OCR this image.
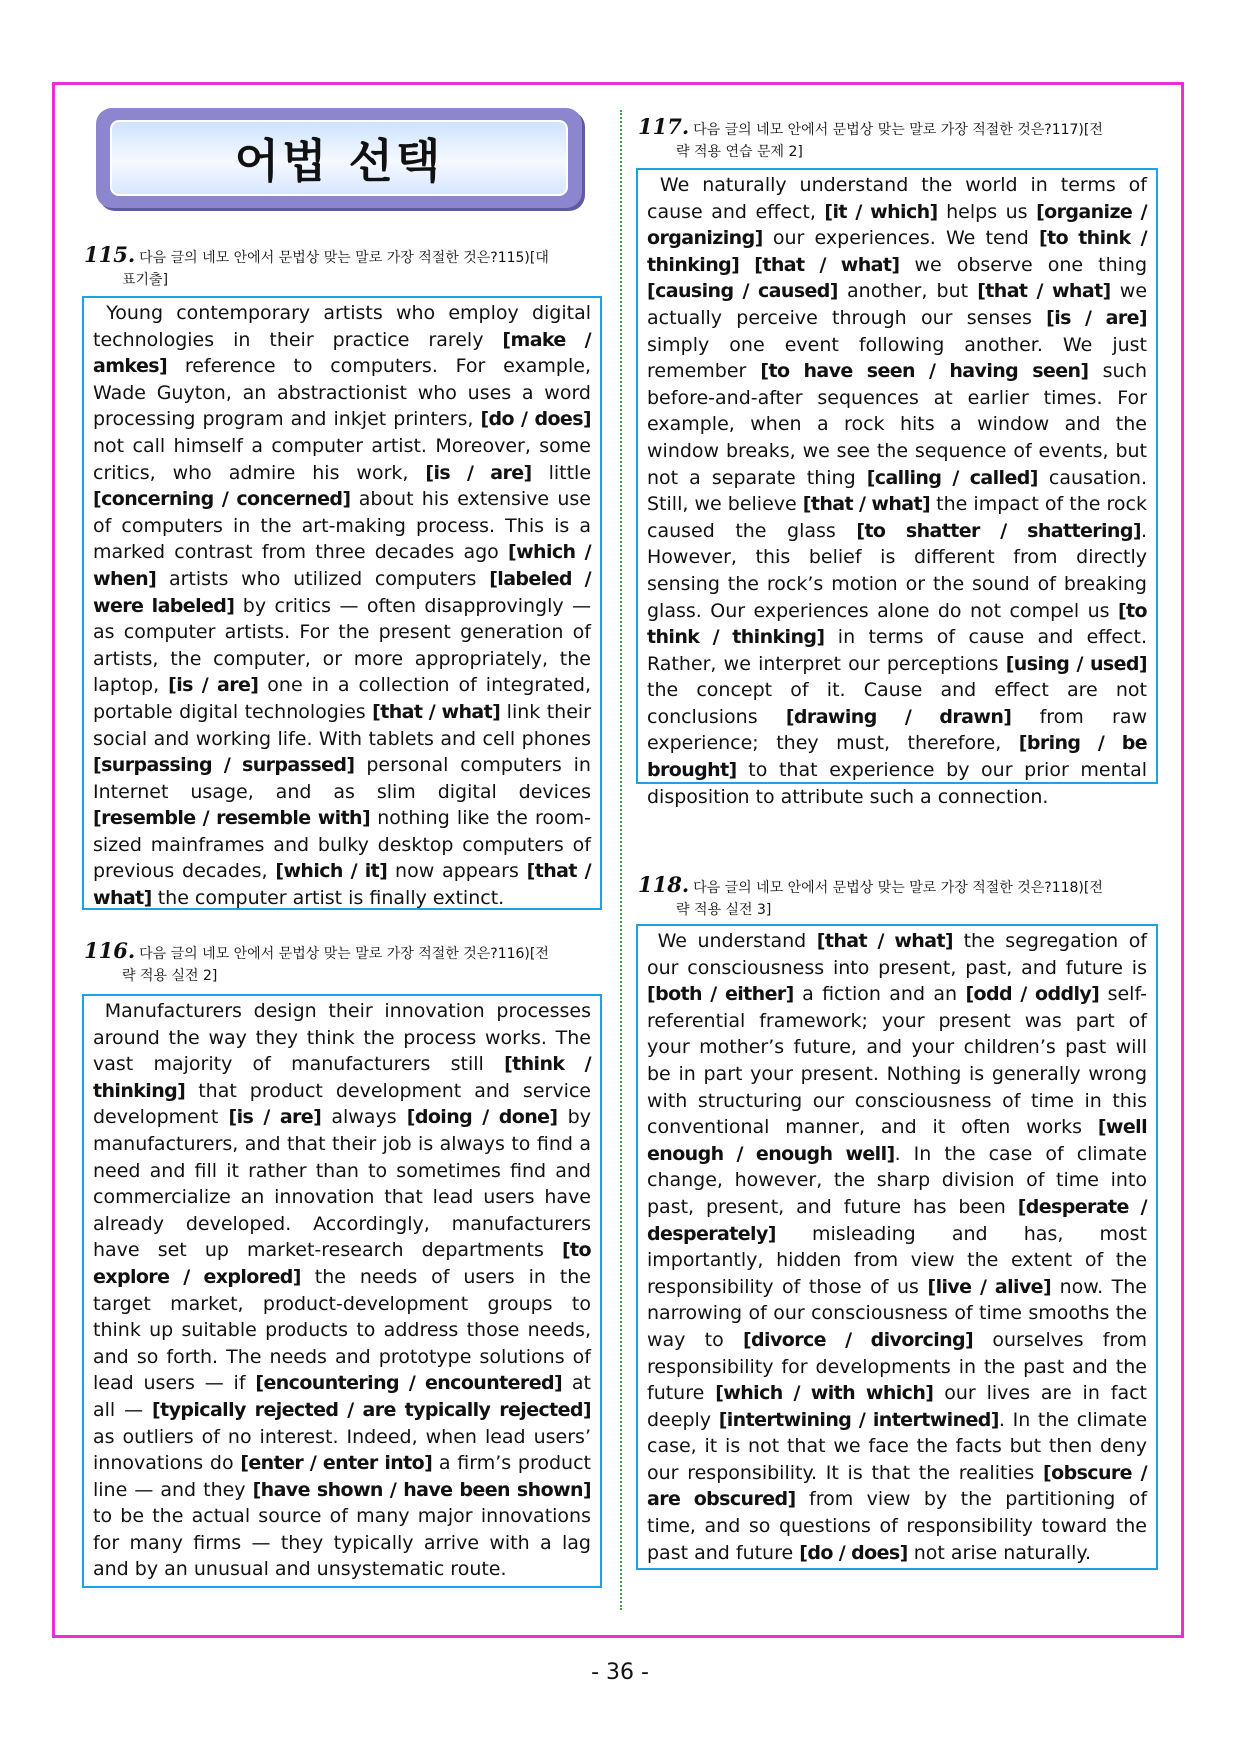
어법 선택
115. 다음 글의 네모 안에서 문법상 맞는 말로 가장 적절한 것은?115)[대
표기출]
Young contemporary artists who employ digital technologies in their practice rarely [make / amkes] reference to computers. For example, Wade Guyton, an abstractionist who uses a word processing program and inkjet printers, [do / does] not call himself a computer artist. Moreover, some critics, who admire his work, [is / are] little [concerning / concerned] about his extensive use of computers in the art-making process. This is a marked contrast from three decades ago [which / when] artists who utilized computers [labeled / were labeled] by critics — often disapprovingly — as computer artists. For the present generation of artists, the computer, or more appropriately, the laptop, [is / are] one in a collection of integrated, portable digital technologies [that / what] link their social and working life. With tablets and cell phones [surpassing / surpassed] personal computers in Internet usage, and as slim digital devices [resemble / resemble with] nothing like the room-sized mainframes and bulky desktop computers of previous decades, [which / it] now appears [that / what] the computer artist is finally extinct.
116. 다음 글의 네모 안에서 문법상 맞는 말로 가장 적절한 것은?116)[전
략 적용 실전 2]
Manufacturers design their innovation processes around the way they think the process works. The vast majority of manufacturers still [think / thinking] that product development and service development [is / are] always [doing / done] by manufacturers, and that their job is always to find a need and fill it rather than to sometimes find and commercialize an innovation that lead users have already developed. Accordingly, manufacturers have set up market-research departments [to explore / explored] the needs of users in the target market, product-development groups to think up suitable products to address those needs, and so forth. The needs and prototype solutions of lead users — if [encountering / encountered] at all — [typically rejected / are typically rejected] as outliers of no interest. Indeed, when lead users’ innovations do [enter / enter into] a firm’s product line — and they [have shown / have been shown] to be the actual source of many major innovations for many firms — they typically arrive with a lag and by an unusual and unsystematic route.
117. 다음 글의 네모 안에서 문법상 맞는 말로 가장 적절한 것은?117)[전
략 적용 연습 문제 2]
We naturally understand the world in terms of cause and effect, [it / which] helps us [organize / organizing] our experiences. We tend [to think / thinking] [that / what] we observe one thing [causing / caused] another, but [that / what] we actually perceive through our senses [is / are] simply one event following another. We just remember [to have seen / having seen] such before-and-after sequences at earlier times. For example, when a rock hits a window and the window breaks, we see the sequence of events, but not a separate thing [calling / called] causation. Still, we believe [that / what] the impact of the rock caused the glass [to shatter / shattering]. However, this belief is different from directly sensing the rock’s motion or the sound of breaking glass. Our experiences alone do not compel us [to think / thinking] in terms of cause and effect. Rather, we interpret our perceptions [using / used] the concept of it. Cause and effect are not conclusions [drawing / drawn] from raw experience; they must, therefore, [bring / be brought] to that experience by our prior mental disposition to attribute such a connection.
118. 다음 글의 네모 안에서 문법상 맞는 말로 가장 적절한 것은?118)[전
략 적용 실전 3]
We understand [that / what] the segregation of our consciousness into present, past, and future is [both / either] a fiction and an [odd / oddly] self-referential framework; your present was part of your mother’s future, and your children’s past will be in part your present. Nothing is generally wrong with structuring our consciousness of time in this conventional manner, and it often works [well enough / enough well]. In the case of climate change, however, the sharp division of time into past, present, and future has been [desperate / desperately] misleading and has, most importantly, hidden from view the extent of the responsibility of those of us [live / alive] now. The narrowing of our consciousness of time smooths the way to [divorce / divorcing] ourselves from responsibility for developments in the past and the future [which / with which] our lives are in fact deeply [intertwining / intertwined]. In the climate case, it is not that we face the facts but then deny our responsibility. It is that the realities [obscure / are obscured] from view by the partitioning of time, and so questions of responsibility toward the past and future [do / does] not arise naturally.
- 36 -
